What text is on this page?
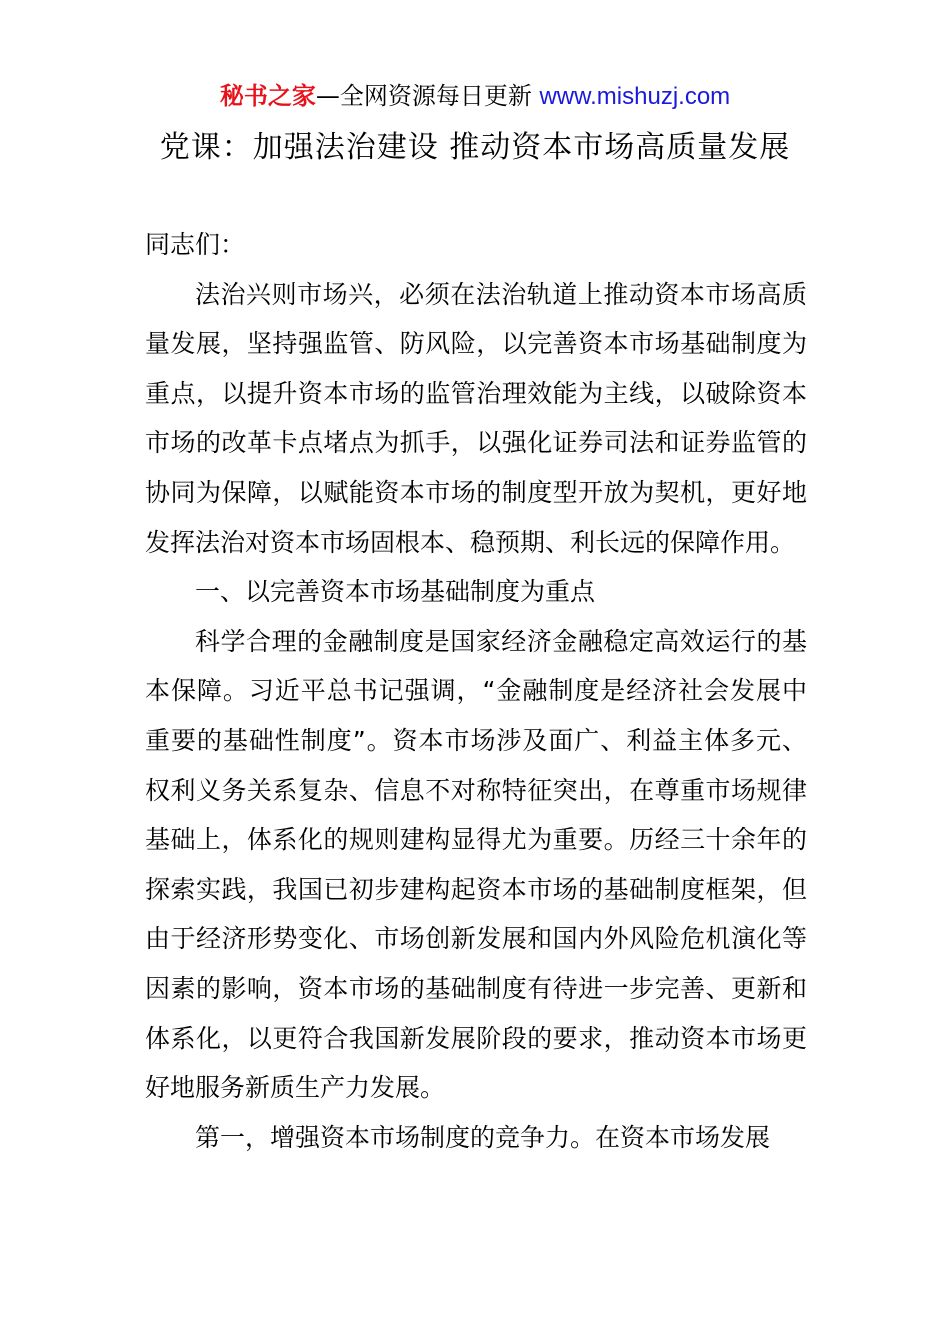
秘书之家—全网资源每日更新 www.mishuzj.com
党课：加强法治建设 推动资本市场高质量发展

同志们：

法治兴则市场兴，必须在法治轨道上推动资本市场高质量发展，坚持强监管、防风险，以完善资本市场基础制度为重点，以提升资本市场的监管治理效能为主线，以破除资本市场的改革卡点堵点为抓手，以强化证券司法和证券监管的协同为保障，以赋能资本市场的制度型开放为契机，更好地发挥法治对资本市场固根本、稳预期、利长远的保障作用。

一、以完善资本市场基础制度为重点

科学合理的金融制度是国家经济金融稳定高效运行的基本保障。习近平总书记强调，“金融制度是经济社会发展中重要的基础性制度”。资本市场涉及面广、利益主体多元、权利义务关系复杂、信息不对称特征突出，在尊重市场规律基础上，体系化的规则建构显得尤为重要。历经三十余年的探索实践，我国已初步建构起资本市场的基础制度框架，但由于经济形势变化、市场创新发展和国内外风险危机演化等因素的影响，资本市场的基础制度有待进一步完善、更新和体系化，以更符合我国新发展阶段的要求，推动资本市场更好地服务新质生产力发展。

第一，增强资本市场制度的竞争力。在资本市场发展
